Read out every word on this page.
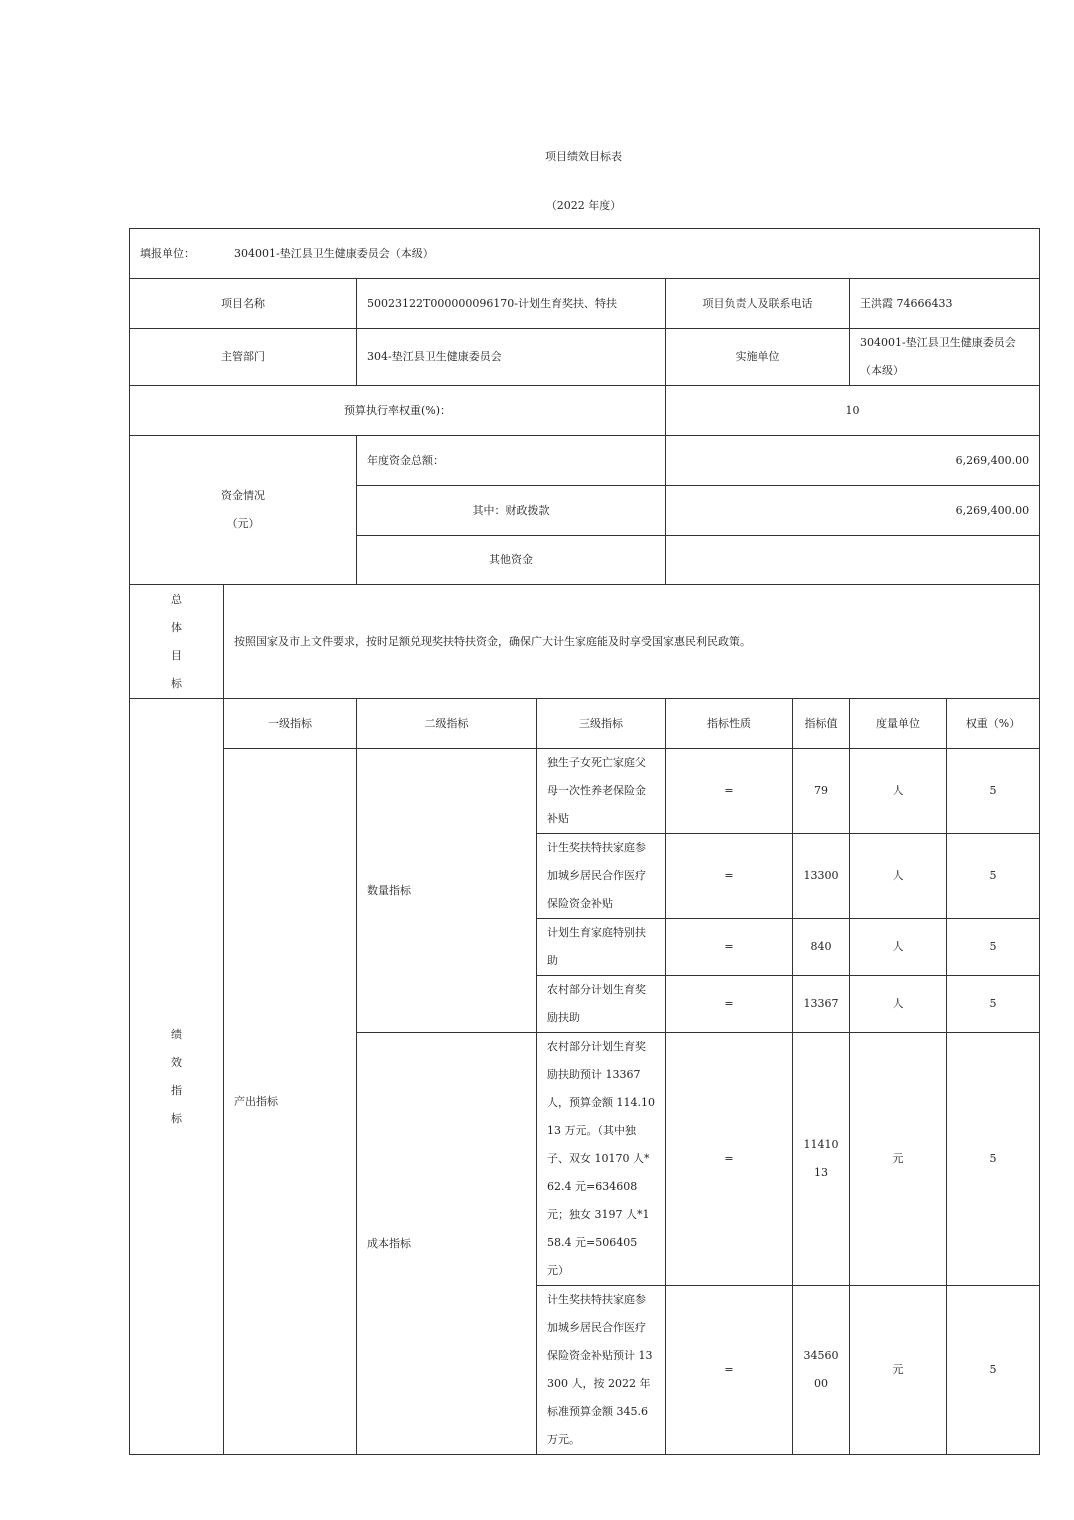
项目绩效目标表
（2022 年度）
填报单位： 304001-垫江县卫生健康委员会（本级）							
项目名称		50023122T000000096170-计划生育奖扶、特扶		项目负责人及联系电话		王洪霞 74666433	
主管部门		304-垫江县卫生健康委员会		实施单位		304001-垫江县卫生健康委员会（本级）	
预算执行率权重(%)：				10			

资金情况
（元）		年度资金总额：		6,269,400.00			
		其中：财政拨款		6,269,400.00			
		其他资金					

总
体
目
标	按照国家及市上文件要求，按时足额兑现奖扶特扶资金，确保广大计生家庭能及时享受国家惠民利民政策。						

绩
效
指
标	一级指标	二级指标	三级指标	指标性质	指标值	度量单位	权重（%）
	产出指标	数量指标	独生子女死亡家庭父母一次性养老保险金补贴	=	79	人	5
			计生奖扶特扶家庭参加城乡居民合作医疗保险资金补贴	=	13300	人	5
			计划生育家庭特别扶助	=	840	人	5
			农村部分计划生育奖励扶助	=	13367	人	5
		成本指标	农村部分计划生育奖励扶助预计 13367 人，预算金额 114.1013 万元。（其中独子、双女 10170 人*62.4 元=634608 元；独女 3197 人*158.4 元=506405 元）	=	1141013	元	5
			计生奖扶特扶家庭参加城乡居民合作医疗保险资金补贴预计 13300 人，按 2022 年标准预算金额 345.6 万元。	=	3456000	元	5
